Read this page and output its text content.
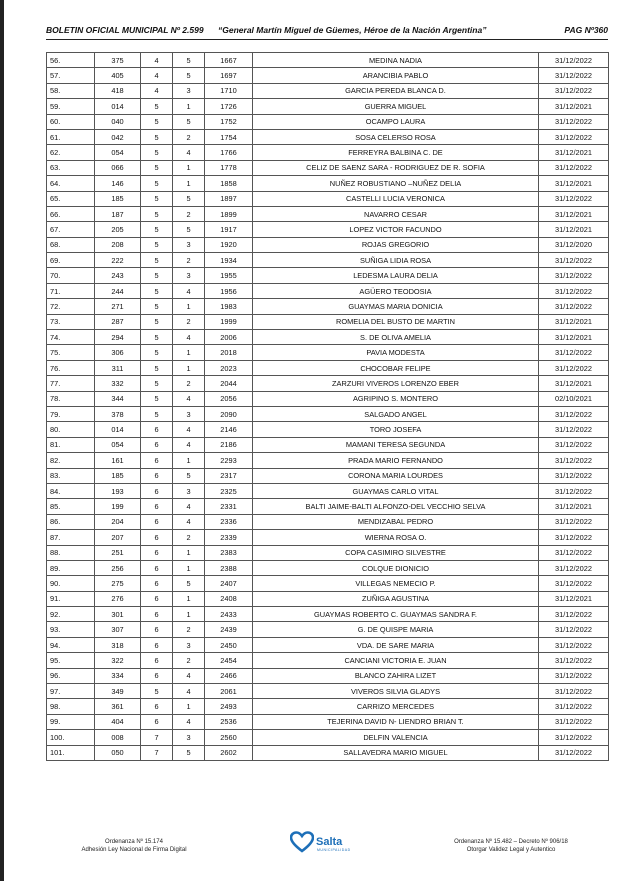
BOLETIN OFICIAL MUNICIPAL Nº 2.599 “General Martín Miguel de Güemes, Héroe de la Nación Argentina”	PAG Nº360
56.	375	4	5	1667	MEDINA NADIA	31/12/2022
57.	405	4	5	1697	ARANCIBIA PABLO	31/12/2022
58.	418	4	3	1710	GARCIA PEREDA BLANCA D.	31/12/2022
59.	014	5	1	1726	GUERRA MIGUEL	31/12/2021
60.	040	5	5	1752	OCAMPO LAURA	31/12/2022
61.	042	5	2	1754	SOSA CELERSO ROSA	31/12/2022
62.	054	5	4	1766	FERREYRA BALBINA C. DE	31/12/2021
63.	066	5	1	1778	CELIZ DE SAENZ SARA - RODRIGUEZ DE R. SOFIA	31/12/2022
64.	146	5	1	1858	NUÑEZ ROBUSTIANO –NUÑEZ DELIA	31/12/2021
65.	185	5	5	1897	CASTELLI LUCIA VERONICA	31/12/2022
66.	187	5	2	1899	NAVARRO CESAR	31/12/2021
67.	205	5	5	1917	LOPEZ VICTOR FACUNDO	31/12/2021
68.	208	5	3	1920	ROJAS GREGORIO	31/12/2020
69.	222	5	2	1934	SUÑIGA LIDIA ROSA	31/12/2022
70.	243	5	3	1955	LEDESMA LAURA DELIA	31/12/2022
71.	244	5	4	1956	AGÜERO TEODOSIA	31/12/2022
72.	271	5	1	1983	GUAYMAS MARIA DONICIA	31/12/2022
73.	287	5	2	1999	ROMELIA DEL BUSTO DE MARTIN	31/12/2021
74.	294	5	4	2006	S. DE OLIVA AMELIA	31/12/2021
75.	306	5	1	2018	PAVIA MODESTA	31/12/2022
76.	311	5	1	2023	CHOCOBAR FELIPE	31/12/2022
77.	332	5	2	2044	ZARZURI VIVEROS LORENZO EBER	31/12/2021
78.	344	5	4	2056	AGRIPINO S. MONTERO	02/10/2021
79.	378	5	3	2090	SALGADO ANGEL	31/12/2022
80.	014	6	4	2146	TORO JOSEFA	31/12/2022
81.	054	6	4	2186	MAMANI TERESA SEGUNDA	31/12/2022
82.	161	6	1	2293	PRADA MARIO FERNANDO	31/12/2022
83.	185	6	5	2317	CORONA MARIA LOURDES	31/12/2022
84.	193	6	3	2325	GUAYMAS CARLO VITAL	31/12/2022
85.	199	6	4	2331	BALTI JAIME-BALTI ALFONZO-DEL VECCHIO SELVA	31/12/2021
86.	204	6	4	2336	MENDIZABAL PEDRO	31/12/2022
87.	207	6	2	2339	WIERNA ROSA O.	31/12/2022
88.	251	6	1	2383	COPA CASIMIRO SILVESTRE	31/12/2022
89.	256	6	1	2388	COLQUE DIONICIO	31/12/2022
90.	275	6	5	2407	VILLEGAS NEMECIO P.	31/12/2022
91.	276	6	1	2408	ZUÑIGA AGUSTINA	31/12/2021
92.	301	6	1	2433	GUAYMAS ROBERTO C. GUAYMAS SANDRA F.	31/12/2022
93.	307	6	2	2439	G. DE QUISPE MARIA	31/12/2022
94.	318	6	3	2450	VDA. DE SARE MARIA	31/12/2022
95.	322	6	2	2454	CANCIANI VICTORIA E. JUAN	31/12/2022
96.	334	6	4	2466	BLANCO ZAHIRA LIZET	31/12/2022
97.	349	5	4	2061	VIVEROS SILVIA GLADYS	31/12/2022
98.	361	6	1	2493	CARRIZO MERCEDES	31/12/2022
99.	404	6	4	2536	TEJERINA DAVID N- LIENDRO BRIAN T.	31/12/2022
100.	008	7	3	2560	DELFIN VALENCIA	31/12/2022
101.	050	7	5	2602	SALLAVEDRA MARIO MIGUEL	31/12/2022
Ordenanza Nº 15.174
Adhesión Ley Nacional de Firma Digital
Salta
MUNICIPALIDAD
Ordenanza Nº 15.482 – Decreto Nº 906/18
Otorgar Validez Legal y Autentico
